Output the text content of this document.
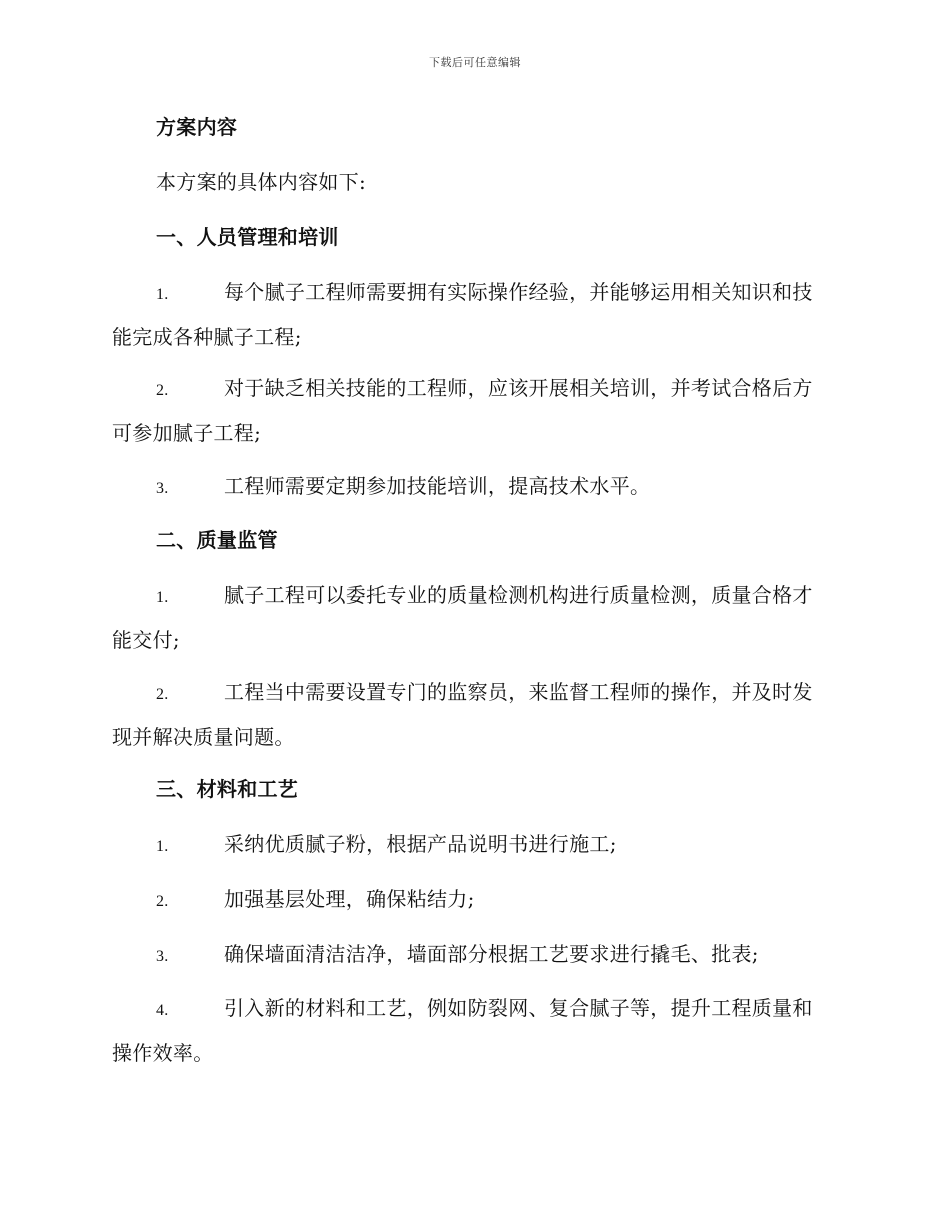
下载后可任意编辑
方案内容
本方案的具体内容如下:
一、人员管理和培训
1.	每个腻子工程师需要拥有实际操作经验，并能够运用相关知识和技能完成各种腻子工程;
2.	对于缺乏相关技能的工程师，应该开展相关培训，并考试合格后方可参加腻子工程;
3.	工程师需要定期参加技能培训，提高技术水平。
二、质量监管
1.	腻子工程可以委托专业的质量检测机构进行质量检测，质量合格才能交付;
2.	工程当中需要设置专门的监察员，来监督工程师的操作，并及时发现并解决质量问题。
三、材料和工艺
1.	采纳优质腻子粉，根据产品说明书进行施工;
2.	加强基层处理，确保粘结力;
3.	确保墙面清洁洁净，墙面部分根据工艺要求进行撬毛、批表;
4.	引入新的材料和工艺，例如防裂网、复合腻子等，提升工程质量和操作效率。
